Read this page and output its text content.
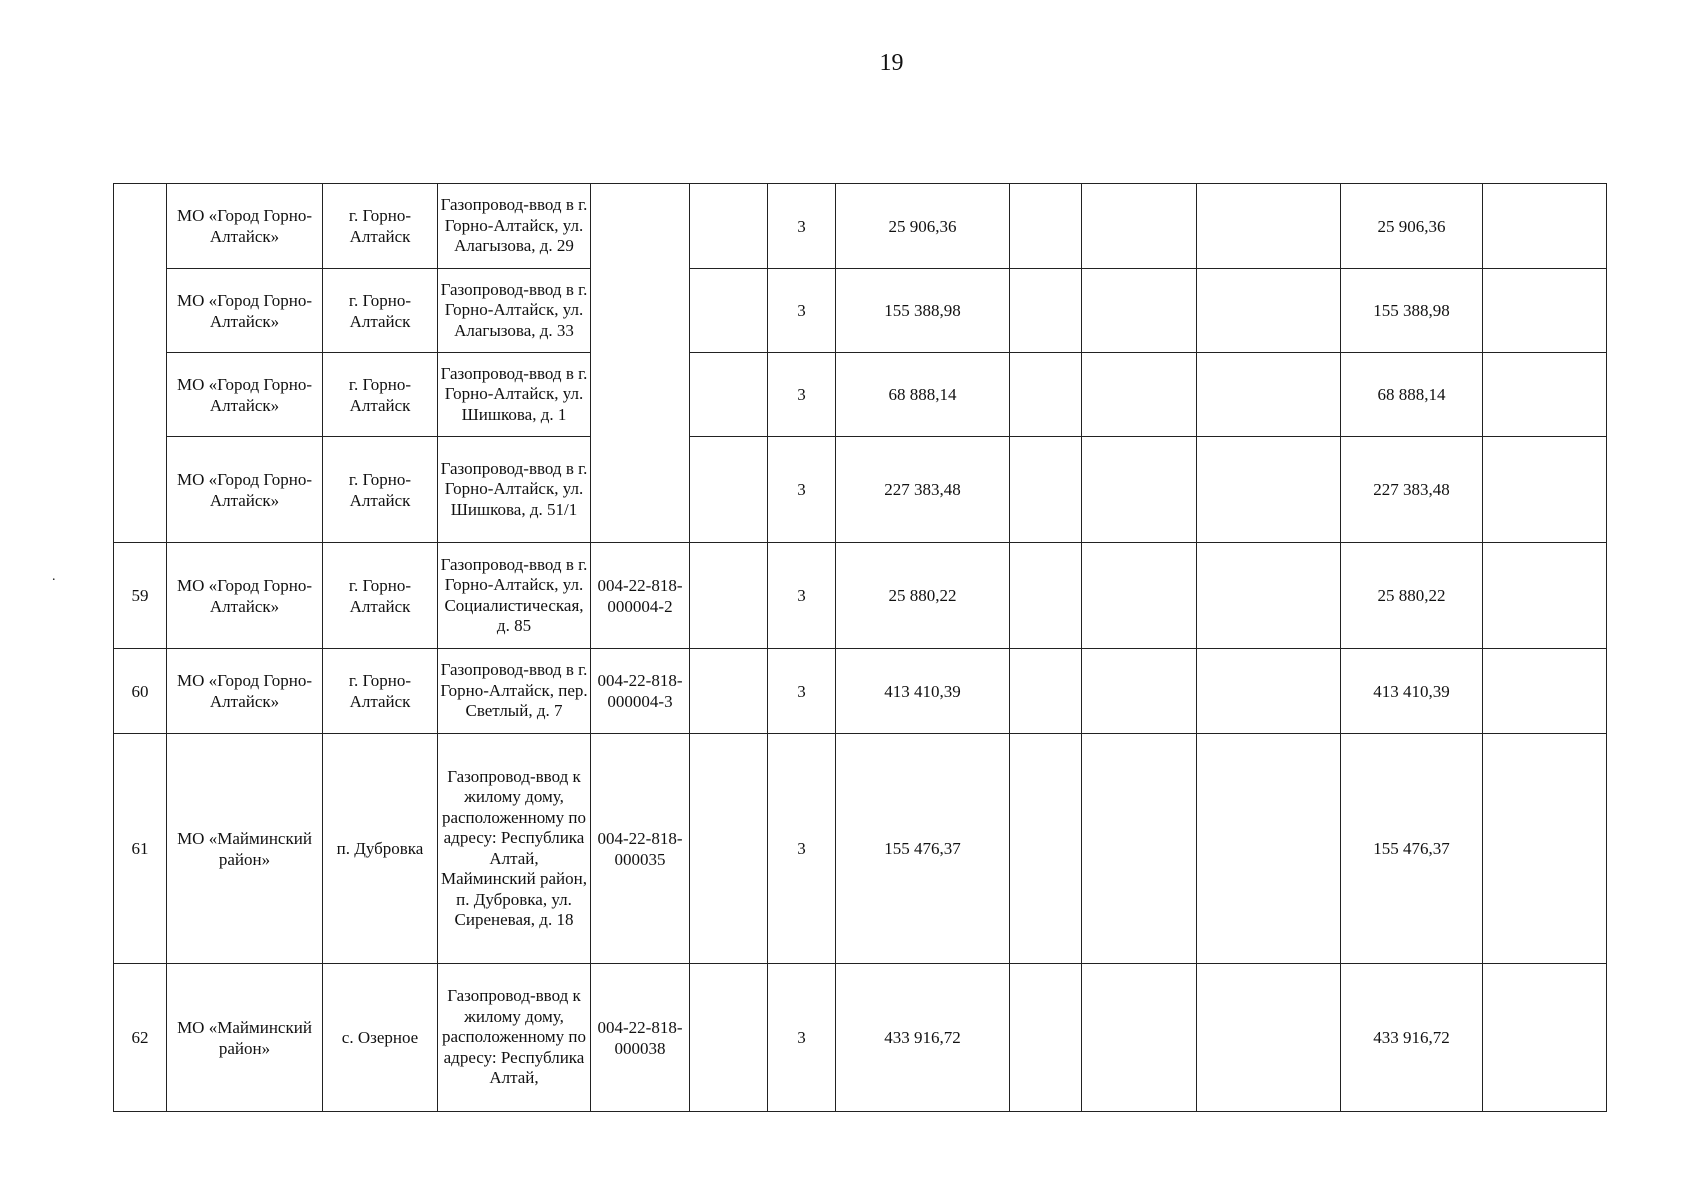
19
.
	МО «Город Горно-Алтайск»	г. Горно-Алтайск	Газопровод-ввод в г. Горно-Алтайск, ул. Алагызова, д. 29			3	25 906,36				25 906,36	
	МО «Город Горно-Алтайск»	г. Горно-Алтайск	Газопровод-ввод в г. Горно-Алтайск, ул. Алагызова, д. 33			3	155 388,98				155 388,98	
	МО «Город Горно-Алтайск»	г. Горно-Алтайск	Газопровод-ввод в г. Горно-Алтайск, ул. Шишкова, д. 1			3	68 888,14				68 888,14	
	МО «Город Горно-Алтайск»	г. Горно-Алтайск	Газопровод-ввод в г. Горно-Алтайск, ул. Шишкова, д. 51/1			3	227 383,48				227 383,48	
59	МО «Город Горно-Алтайск»	г. Горно-Алтайск	Газопровод-ввод в г. Горно-Алтайск, ул. Социалистическая, д. 85	004-22-818-000004-2		3	25 880,22				25 880,22	
60	МО «Город Горно-Алтайск»	г. Горно-Алтайск	Газопровод-ввод в г. Горно-Алтайск, пер. Светлый, д. 7	004-22-818-000004-3		3	413 410,39				413 410,39	
61	МО «Майминский район»	п. Дубровка	Газопровод-ввод к жилому дому, расположенному по адресу: Республика Алтай, Майминский район, п. Дубровка, ул. Сиреневая, д. 18	004-22-818-000035		3	155 476,37				155 476,37	
62	МО «Майминский район»	с. Озерное	Газопровод-ввод к жилому дому, расположенному по адресу: Республика Алтай,	004-22-818-000038		3	433 916,72				433 916,72	
